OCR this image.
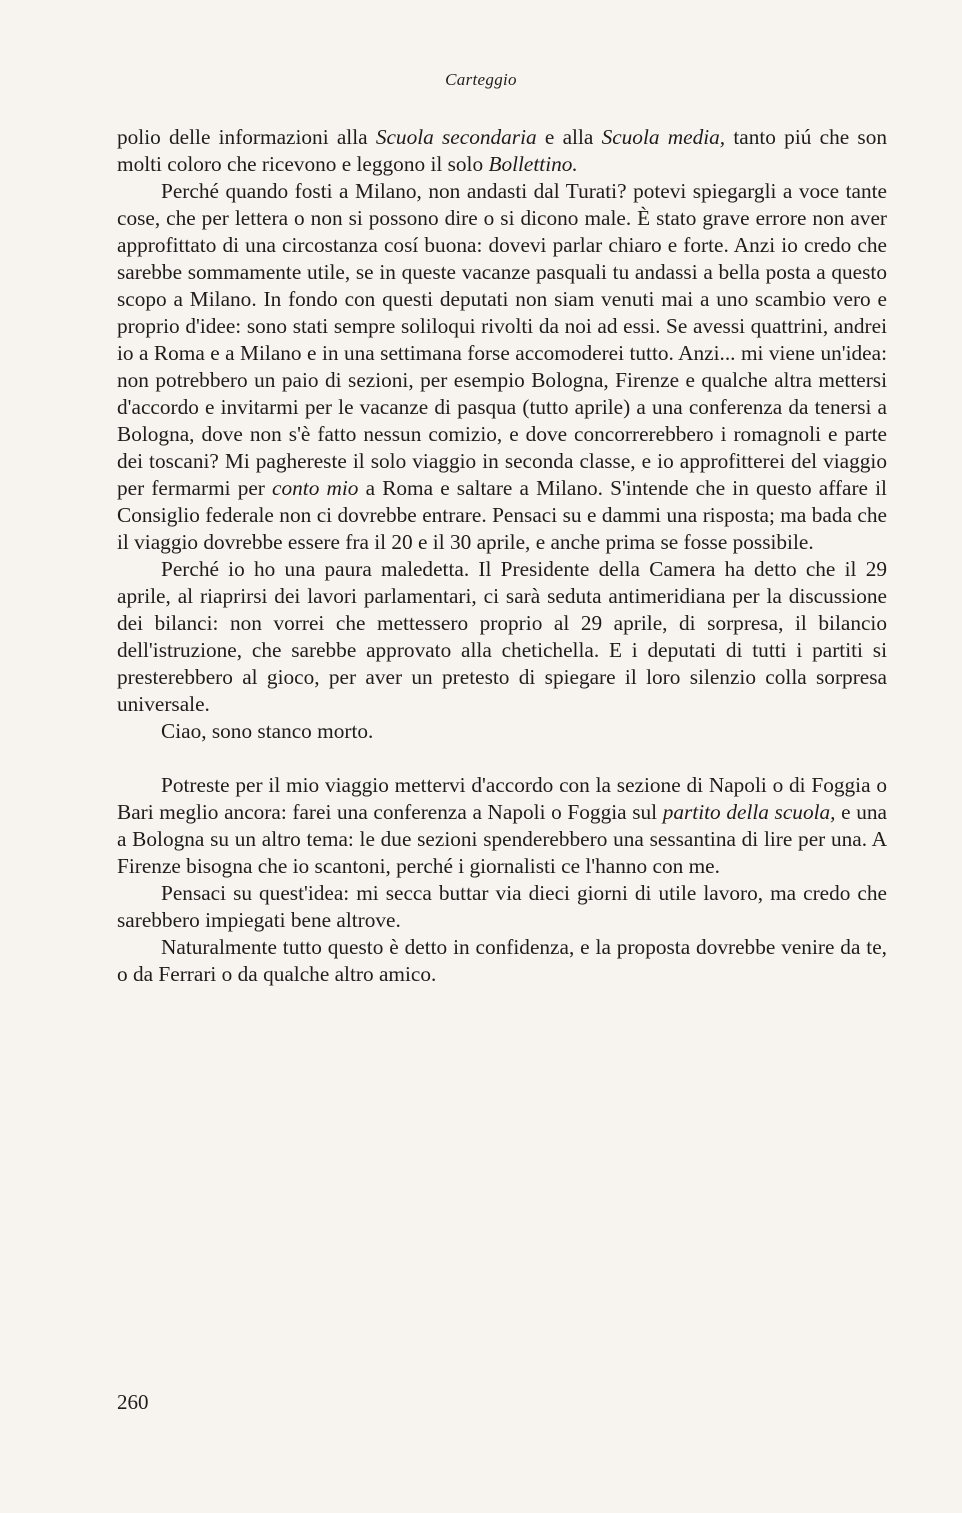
Carteggio

polio delle informazioni alla Scuola secondaria e alla Scuola media, tanto piú che son molti coloro che ricevono e leggono il solo Bollettino.

Perché quando fosti a Milano, non andasti dal Turati? potevi spiegargli a voce tante cose, che per lettera o non si possono dire o si dicono male. È stato grave errore non aver approfittato di una circostanza cosí buona: dovevi parlar chiaro e forte. Anzi io credo che sarebbe sommamente utile, se in queste vacanze pasquali tu andassi a bella posta a questo scopo a Milano. In fondo con questi deputati non siam venuti mai a uno scambio vero e proprio d'idee: sono stati sempre soliloqui rivolti da noi ad essi. Se avessi quattrini, andrei io a Roma e a Milano e in una settimana forse accomoderei tutto. Anzi... mi viene un'idea: non potrebbero un paio di sezioni, per esempio Bologna, Firenze e qualche altra mettersi d'accordo e invitarmi per le vacanze di pasqua (tutto aprile) a una conferenza da tenersi a Bologna, dove non s'è fatto nessun comizio, e dove concorrerebbero i romagnoli e parte dei toscani? Mi paghereste il solo viaggio in seconda classe, e io approfitterei del viaggio per fermarmi per conto mio a Roma e saltare a Milano. S'intende che in questo affare il Consiglio federale non ci dovrebbe entrare. Pensaci su e dammi una risposta; ma bada che il viaggio dovrebbe essere fra il 20 e il 30 aprile, e anche prima se fosse possibile.

Perché io ho una paura maledetta. Il Presidente della Camera ha detto che il 29 aprile, al riaprirsi dei lavori parlamentari, ci sarà seduta antimeridiana per la discussione dei bilanci: non vorrei che mettessero proprio al 29 aprile, di sorpresa, il bilancio dell'istruzione, che sarebbe approvato alla chetichella. E i deputati di tutti i partiti si presterebbero al gioco, per aver un pretesto di spiegare il loro silenzio colla sorpresa universale.

Ciao, sono stanco morto.

Potreste per il mio viaggio mettervi d'accordo con la sezione di Napoli o di Foggia o Bari meglio ancora: farei una conferenza a Napoli o Foggia sul partito della scuola, e una a Bologna su un altro tema: le due sezioni spenderebbero una sessantina di lire per una. A Firenze bisogna che io scantoni, perché i giornalisti ce l'hanno con me.

Pensaci su quest'idea: mi secca buttar via dieci giorni di utile lavoro, ma credo che sarebbero impiegati bene altrove.

Naturalmente tutto questo è detto in confidenza, e la proposta dovrebbe venire da te, o da Ferrari o da qualche altro amico.

260
